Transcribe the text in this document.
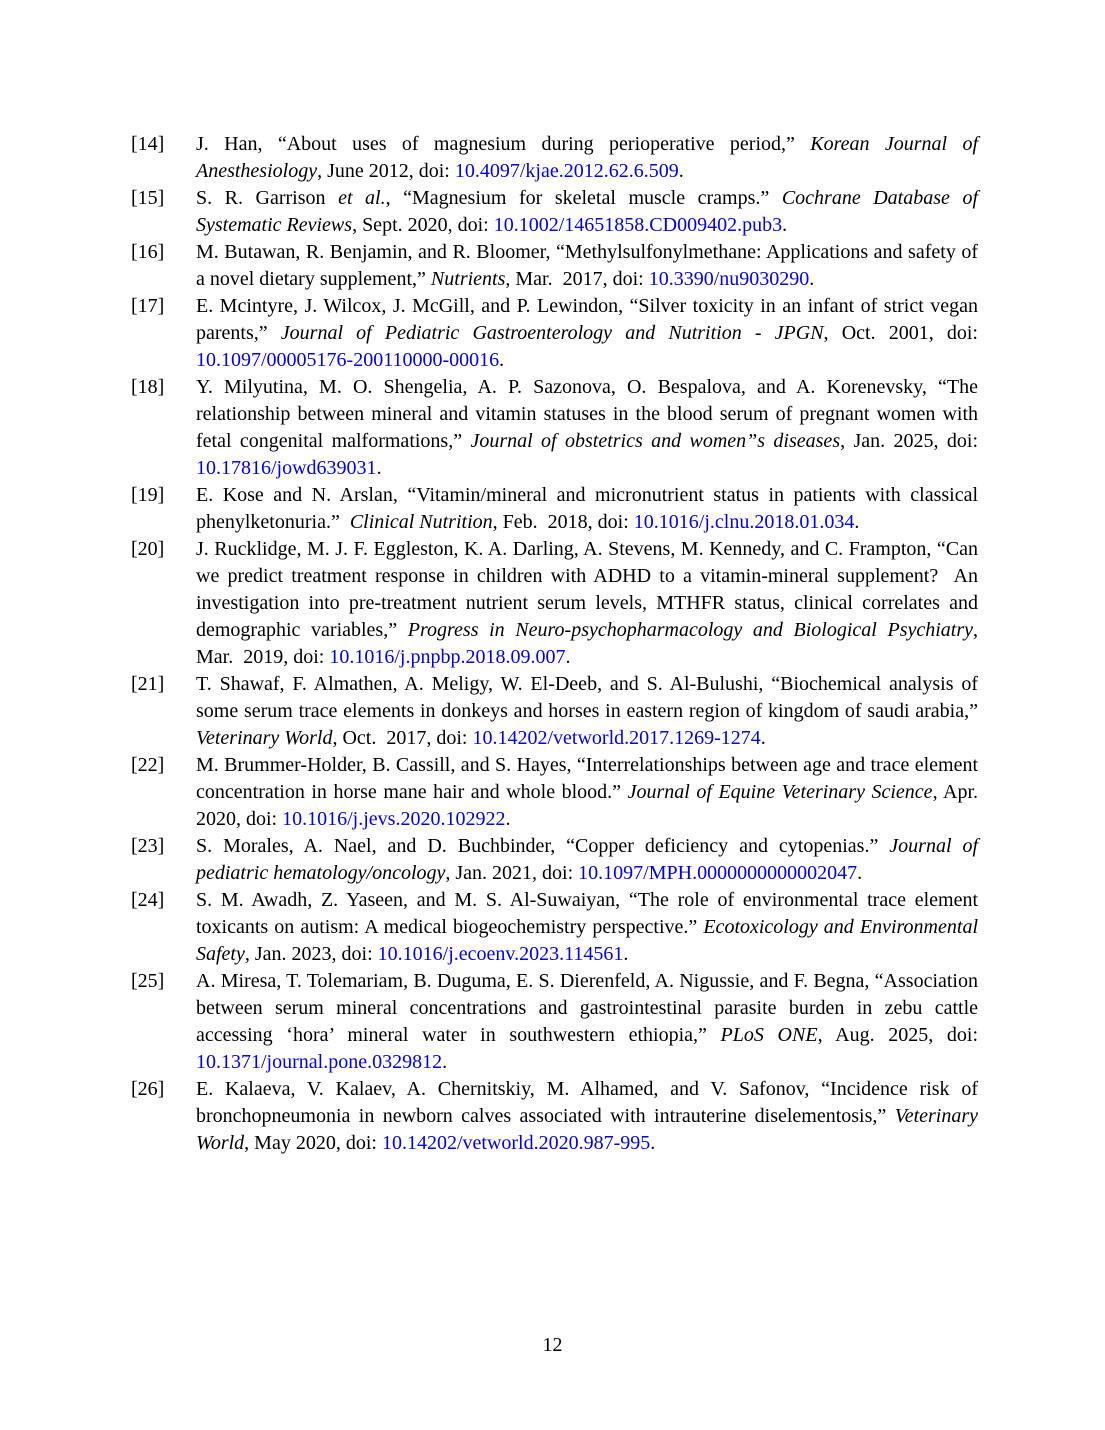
[14] J. Han, “About uses of magnesium during perioperative period,” Korean Journal of Anesthesiology, June 2012, doi: 10.4097/kjae.2012.62.6.509.
[15] S. R. Garrison et al., “Magnesium for skeletal muscle cramps.” Cochrane Database of Systematic Reviews, Sept. 2020, doi: 10.1002/14651858.CD009402.pub3.
[16] M. Butawan, R. Benjamin, and R. Bloomer, “Methylsulfonylmethane: Applications and safety of a novel dietary supplement,” Nutrients, Mar.  2017, doi: 10.3390/nu9030290.
[17] E. Mcintyre, J. Wilcox, J. McGill, and P. Lewindon, “Silver toxicity in an infant of strict vegan parents,” Journal of Pediatric Gastroenterology and Nutrition - JPGN, Oct. 2001, doi: 10.1097/00005176-200110000-00016.
[18] Y. Milyutina, M. O. Shengelia, A. P. Sazonova, O. Bespalova, and A. Korenevsky, “The relationship between mineral and vitamin statuses in the blood serum of pregnant women with fetal congenital malformations,” Journal of obstetrics and women”s diseases, Jan. 2025, doi: 10.17816/jowd639031.
[19] E. Kose and N. Arslan, “Vitamin/mineral and micronutrient status in patients with classical phenylketonuria.”  Clinical Nutrition, Feb.  2018, doi: 10.1016/j.clnu.2018.01.034.
[20] J. Rucklidge, M. J. F. Eggleston, K. A. Darling, A. Stevens, M. Kennedy, and C. Frampton, “Can we predict treatment response in children with ADHD to a vitamin-mineral supplement?  An investigation into pre-treatment nutrient serum levels, MTHFR status, clinical correlates and demographic variables,” Progress in Neuro-psychopharmacology and Biological Psychiatry, Mar.  2019, doi: 10.1016/j.pnpbp.2018.09.007.
[21] T. Shawaf, F. Almathen, A. Meligy, W. El-Deeb, and S. Al-Bulushi, “Biochemical analysis of some serum trace elements in donkeys and horses in eastern region of kingdom of saudi arabia,” Veterinary World, Oct.  2017, doi: 10.14202/vetworld.2017.1269-1274.
[22] M. Brummer-Holder, B. Cassill, and S. Hayes, “Interrelationships between age and trace element concentration in horse mane hair and whole blood.” Journal of Equine Veterinary Science, Apr. 2020, doi: 10.1016/j.jevs.2020.102922.
[23] S. Morales, A. Nael, and D. Buchbinder, “Copper deficiency and cytopenias.” Journal of pediatric hematology/oncology, Jan. 2021, doi: 10.1097/MPH.0000000000002047.
[24] S. M. Awadh, Z. Yaseen, and M. S. Al-Suwaiyan, “The role of environmental trace element toxicants on autism: A medical biogeochemistry perspective.” Ecotoxicology and Environmental Safety, Jan. 2023, doi: 10.1016/j.ecoenv.2023.114561.
[25] A. Miresa, T. Tolemariam, B. Duguma, E. S. Dierenfeld, A. Nigussie, and F. Begna, “Association between serum mineral concentrations and gastrointestinal parasite burden in zebu cattle accessing ‘hora’ mineral water in southwestern ethiopia,” PLoS ONE, Aug. 2025, doi: 10.1371/journal.pone.0329812.
[26] E. Kalaeva, V. Kalaev, A. Chernitskiy, M. Alhamed, and V. Safonov, “Incidence risk of bronchopneumonia in newborn calves associated with intrauterine diselementosis,” Veterinary World, May 2020, doi: 10.14202/vetworld.2020.987-995.
12
